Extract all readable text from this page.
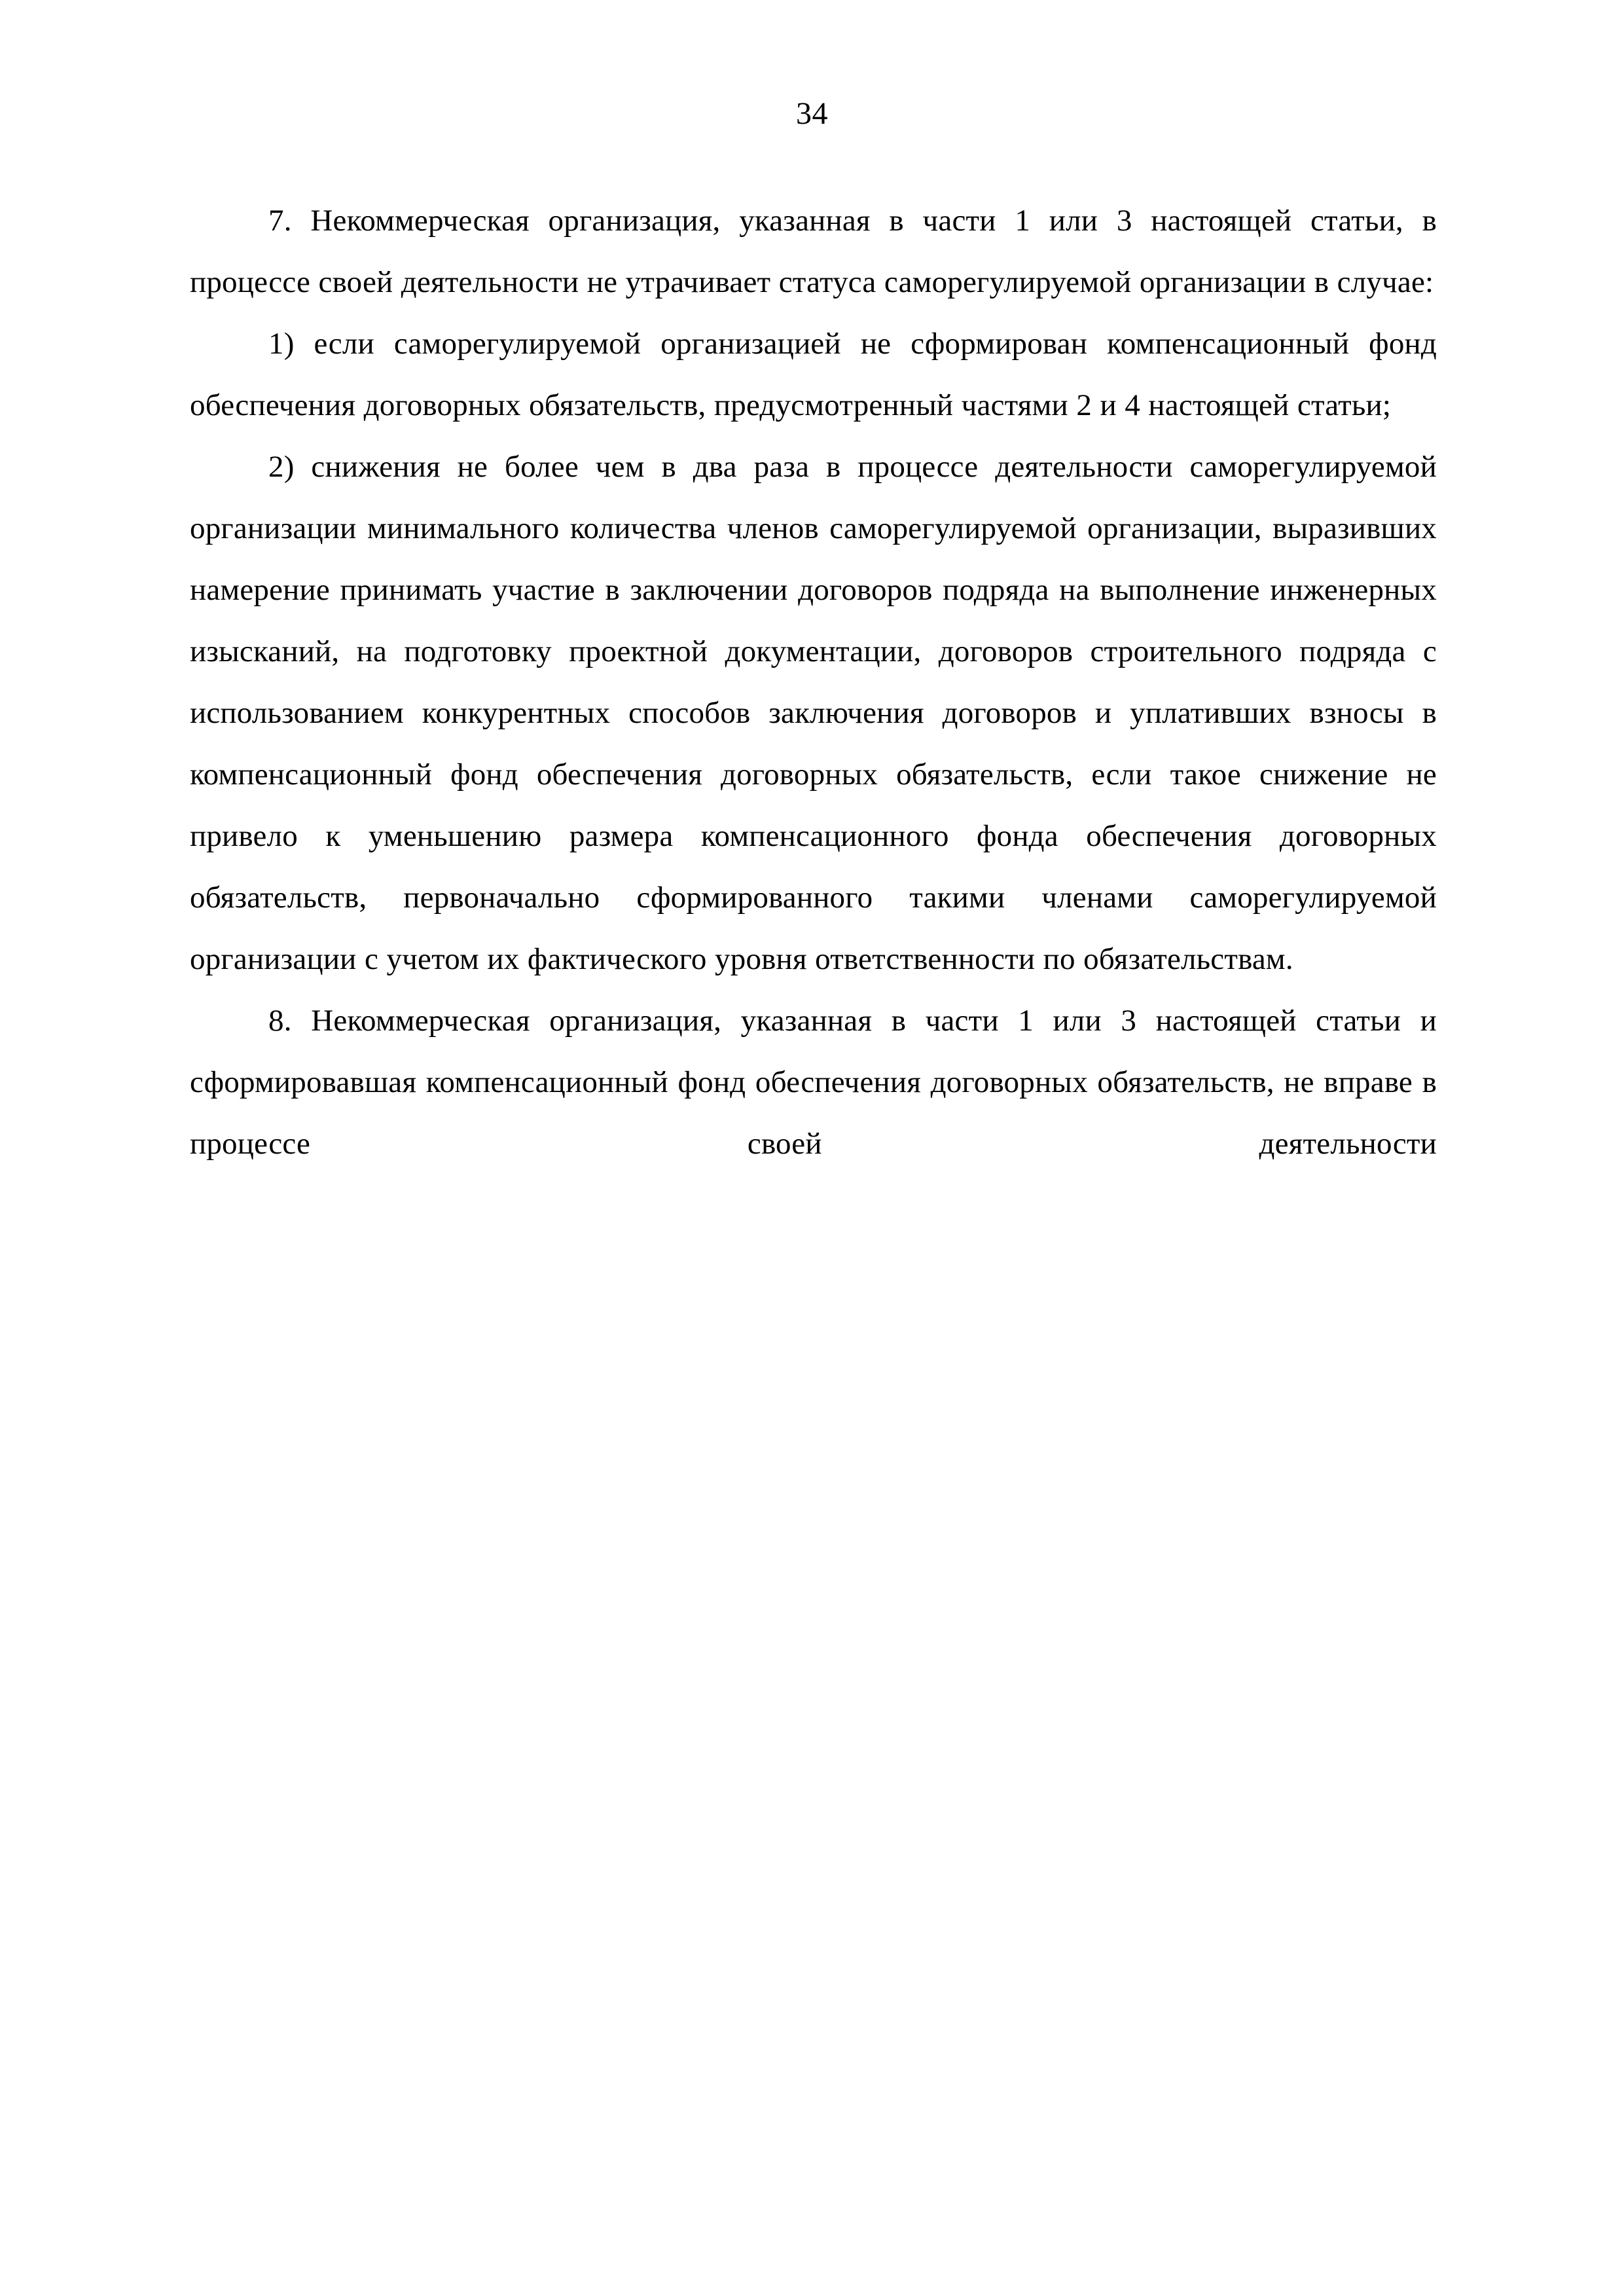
34

7. Некоммерческая организация, указанная в части 1 или 3 настоящей статьи, в процессе своей деятельности не утрачивает статуса саморегулируемой организации в случае:

1) если саморегулируемой организацией не сформирован компенсационный фонд обеспечения договорных обязательств, предусмотренный частями 2 и 4 настоящей статьи;

2) снижения не более чем в два раза в процессе деятельности саморегулируемой организации минимального количества членов саморегулируемой организации, выразивших намерение принимать участие в заключении договоров подряда на выполнение инженерных изысканий, на подготовку проектной документации, договоров строительного подряда с использованием конкурентных способов заключения договоров и уплативших взносы в компенсационный фонд обеспечения договорных обязательств, если такое снижение не привело к уменьшению размера компенсационного фонда обеспечения договорных обязательств, первоначально сформированного такими членами саморегулируемой организации с учетом их фактического уровня ответственности по обязательствам.

8. Некоммерческая организация, указанная в части 1 или 3 настоящей статьи и сформировавшая компенсационный фонд обеспечения договорных обязательств, не вправе в процессе своей деятельности
